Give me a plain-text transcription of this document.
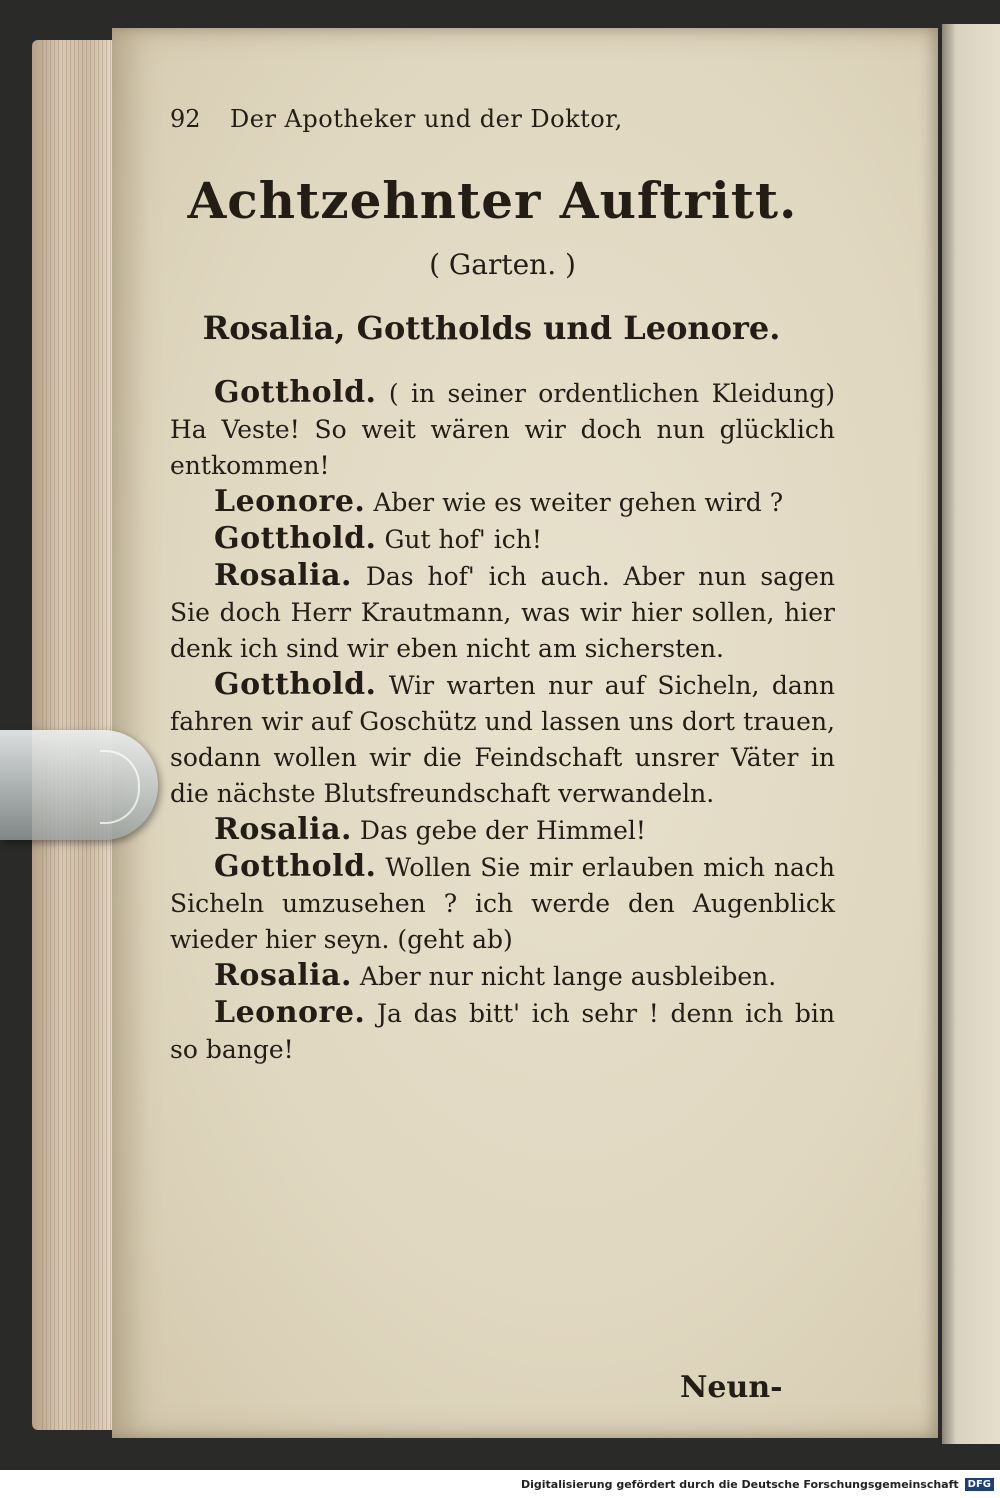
92	Der Apotheker und der Doktor,
Achtzehnter Auftritt.
( Garten. )
Rosalia, Gottholds und Leonore.
Gotthold. ( in seiner ordentlichen Kleidung) Ha Veste! So weit wären wir doch nun glücklich entkommen!
Leonore. Aber wie es weiter gehen wird ?
Gotthold. Gut hof' ich!
Rosalia. Das hof' ich auch. Aber nun sagen Sie doch Herr Krautmann, was wir hier sollen, hier denk ich sind wir eben nicht am sichersten.
Gotthold. Wir warten nur auf Sicheln, dann fahren wir auf Goschütz und lassen uns dort trauen, sodann wollen wir die Feindschaft unsrer Väter in die nächste Blutsfreundschaft verwandeln.
Rosalia. Das gebe der Himmel!
Gotthold. Wollen Sie mir erlauben mich nach Sicheln umzusehen ? ich werde den Augenblick wieder hier seyn. (geht ab)
Rosalia. Aber nur nicht lange ausbleiben.
Leonore. Ja das bitt' ich sehr ! denn ich bin so bange!
Neun-
Digitalisierung gefördert durch die Deutsche Forschungsgemeinschaft DFG
